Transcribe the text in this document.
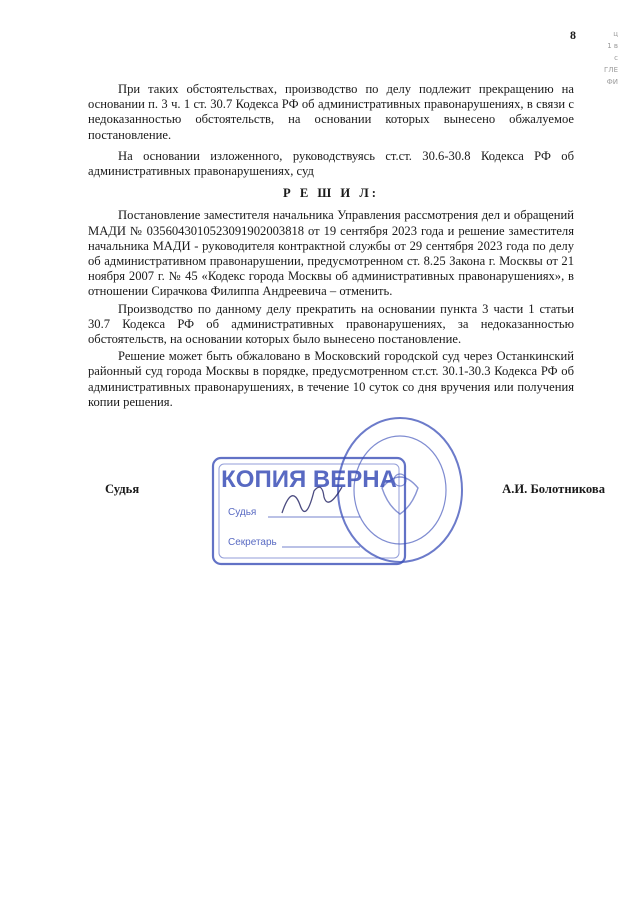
8	ц
1 в
с
ГЛЕ
ФИ

При таких обстоятельствах, производство по делу подлежит прекращению на основании п. 3 ч. 1 ст. 30.7 Кодекса РФ об административных правонарушениях, в связи с недоказанностью обстоятельств, на основании которых вынесено обжалуемое постановление.

На основании изложенного, руководствуясь ст.ст. 30.6-30.8 Кодекса РФ об административных правонарушениях, суд

Р Е Ш И Л:

Постановление заместителя начальника Управления рассмотрения дел и обращений МАДИ № 0356043010523091902003818 от 19 сентября 2023 года и решение заместителя начальника МАДИ - руководителя контрактной службы от 29 сентября 2023 года по делу об административном правонарушении, предусмотренном ст. 8.25 Закона г. Москвы от 21 ноября 2007 г. № 45 «Кодекс города Москвы об административных правонарушениях», в отношении Сирачкова Филиппа Андреевича – отменить.

Производство по данному делу прекратить на основании пункта 3 части 1 статьи 30.7 Кодекса РФ об административных правонарушениях, за недоказанностью обстоятельств, на основании которых было вынесено постановление.

Решение может быть обжаловано в Московский городской суд через Останкинский районный суд города Москвы в порядке, предусмотренном ст.ст. 30.1-30.3 Кодекса РФ об административных правонарушениях, в течение 10 суток со дня вручения или получения копии решения.

КОПИЯ ВЕРНА
Судья
Секретарь
Судья	А.И. Болотникова
